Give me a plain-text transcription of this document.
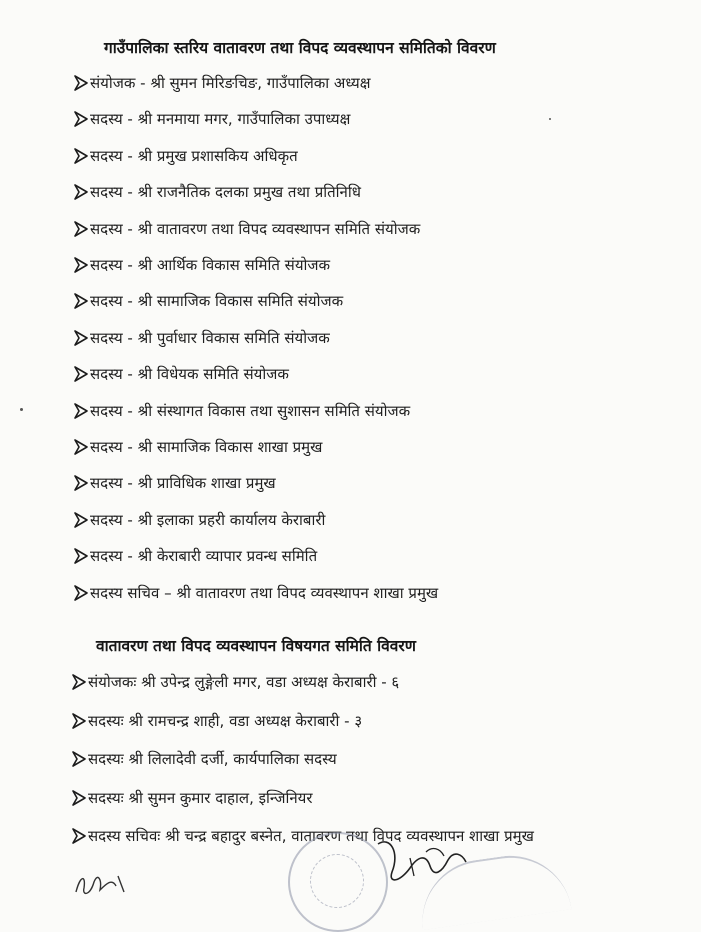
गाउँपालिका स्तरिय वातावरण तथा विपद व्यवस्थापन समितिको विवरण
संयोजक - श्री सुमन मिरिङचिङ, गाउँपालिका अध्यक्ष
सदस्य - श्री मनमाया मगर, गाउँपालिका उपाध्यक्ष
सदस्य - श्री प्रमुख प्रशासकिय अधिकृत
सदस्य - श्री राजनैतिक दलका प्रमुख तथा प्रतिनिधि
सदस्य - श्री वातावरण तथा विपद व्यवस्थापन समिति संयोजक
सदस्य - श्री आर्थिक विकास समिति संयोजक
सदस्य - श्री सामाजिक विकास समिति संयोजक
सदस्य - श्री पुर्वाधार विकास समिति संयोजक
सदस्य - श्री विधेयक समिति संयोजक
सदस्य - श्री संस्थागत विकास तथा सुशासन समिति संयोजक
सदस्य - श्री सामाजिक विकास शाखा प्रमुख
सदस्य - श्री प्राविधिक शाखा प्रमुख
सदस्य - श्री इलाका प्रहरी कार्यालय केराबारी
सदस्य - श्री केराबारी व्यापार प्रवन्ध समिति
सदस्य सचिव – श्री वातावरण तथा विपद व्यवस्थापन शाखा प्रमुख
वातावरण तथा विपद व्यवस्थापन विषयगत समिति विवरण
संयोजकः श्री उपेन्द्र लुङ्गेली मगर, वडा अध्यक्ष केराबारी - ६
सदस्यः श्री रामचन्द्र शाही, वडा अध्यक्ष केराबारी - ३
सदस्यः श्री लिलादेवी दर्जी, कार्यपालिका सदस्य
सदस्यः श्री सुमन कुमार दाहाल, इन्जिनियर
सदस्य सचिवः श्री चन्द्र बहादुर बस्नेत, वातावरण तथा विपद व्यवस्थापन शाखा प्रमुख
